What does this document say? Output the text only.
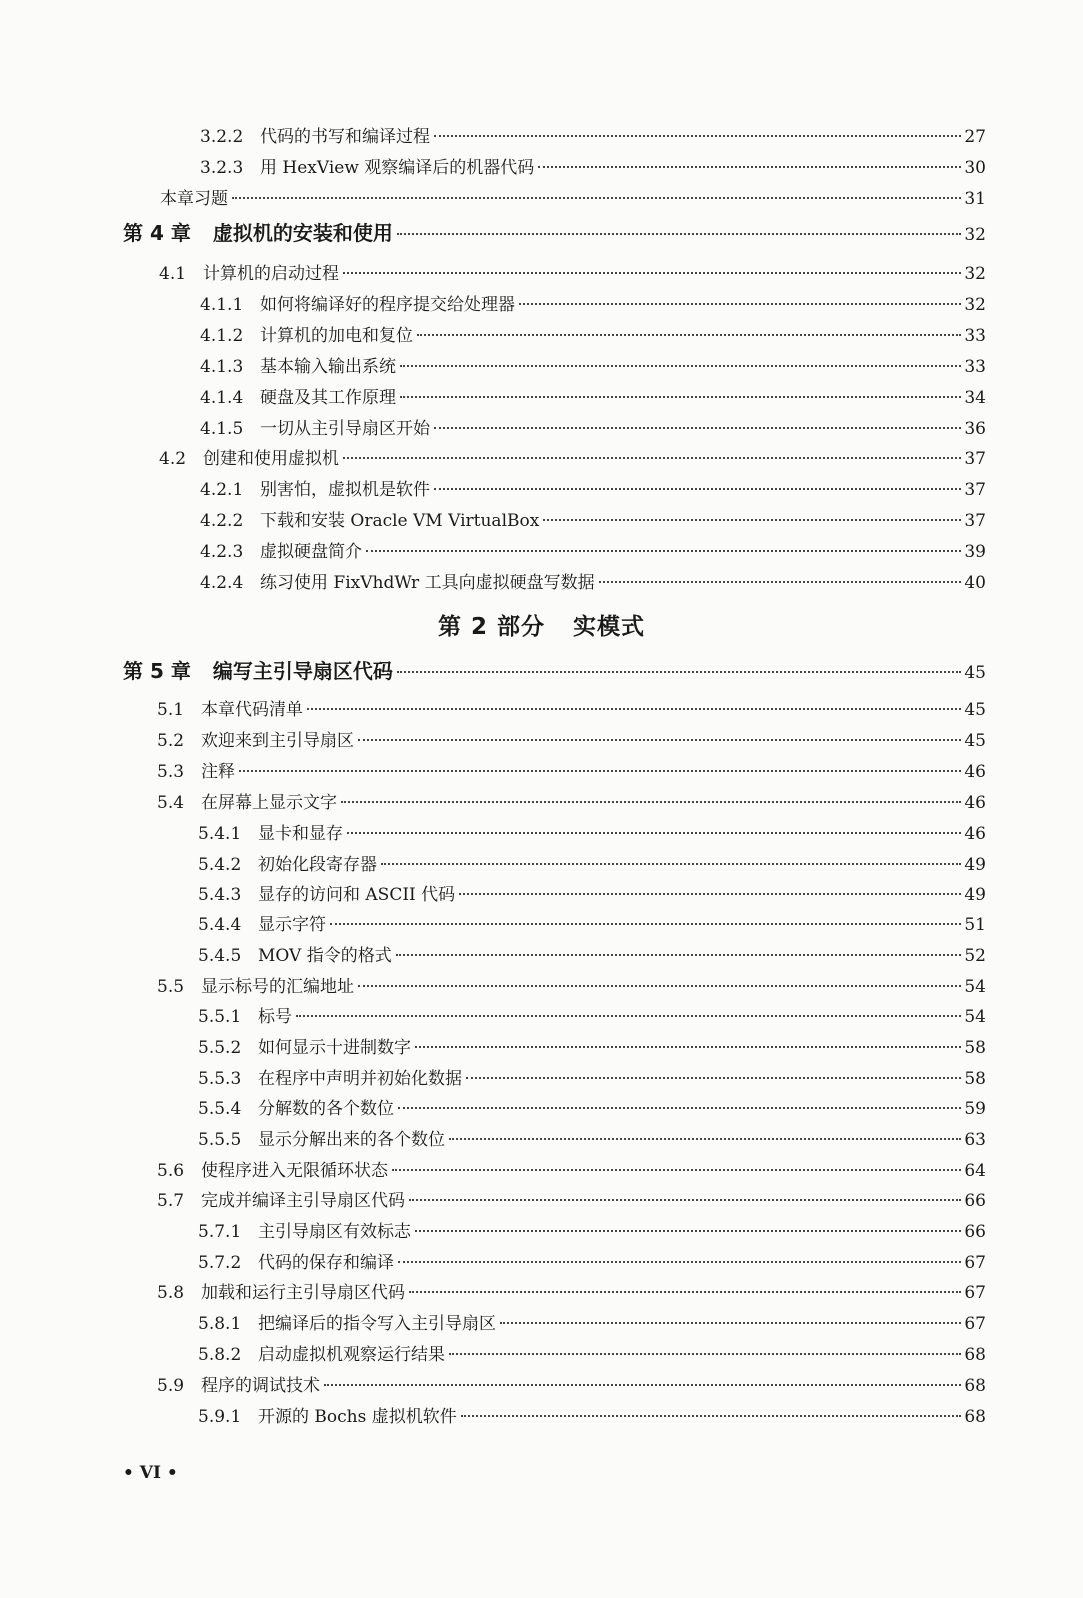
3.2.2 代码的书写和编译过程	27
3.2.3 用 HexView 观察编译后的机器代码	30
本章习题	31
第 4 章 虚拟机的安装和使用	32
4.1 计算机的启动过程	32
4.1.1 如何将编译好的程序提交给处理器	32
4.1.2 计算机的加电和复位	33
4.1.3 基本输入输出系统	33
4.1.4 硬盘及其工作原理	34
4.1.5 一切从主引导扇区开始	36
4.2 创建和使用虚拟机	37
4.2.1 别害怕，虚拟机是软件	37
4.2.2 下载和安装 Oracle VM VirtualBox	37
4.2.3 虚拟硬盘简介	39
4.2.4 练习使用 FixVhdWr 工具向虚拟硬盘写数据	40
第 5 章 编写主引导扇区代码	45
5.1 本章代码清单	45
5.2 欢迎来到主引导扇区	45
5.3 注释	46
5.4 在屏幕上显示文字	46
5.4.1 显卡和显存	46
5.4.2 初始化段寄存器	49
5.4.3 显存的访问和 ASCII 代码	49
5.4.4 显示字符	51
5.4.5 MOV 指令的格式	52
5.5 显示标号的汇编地址	54
5.5.1 标号	54
5.5.2 如何显示十进制数字	58
5.5.3 在程序中声明并初始化数据	58
5.5.4 分解数的各个数位	59
5.5.5 显示分解出来的各个数位	63
5.6 使程序进入无限循环状态	64
5.7 完成并编译主引导扇区代码	66
5.7.1 主引导扇区有效标志	66
5.7.2 代码的保存和编译	67
5.8 加载和运行主引导扇区代码	67
5.8.1 把编译后的指令写入主引导扇区	67
5.8.2 启动虚拟机观察运行结果	68
5.9 程序的调试技术	68
5.9.1 开源的 Bochs 虚拟机软件	68
第 2 部分 实模式
• VI •
